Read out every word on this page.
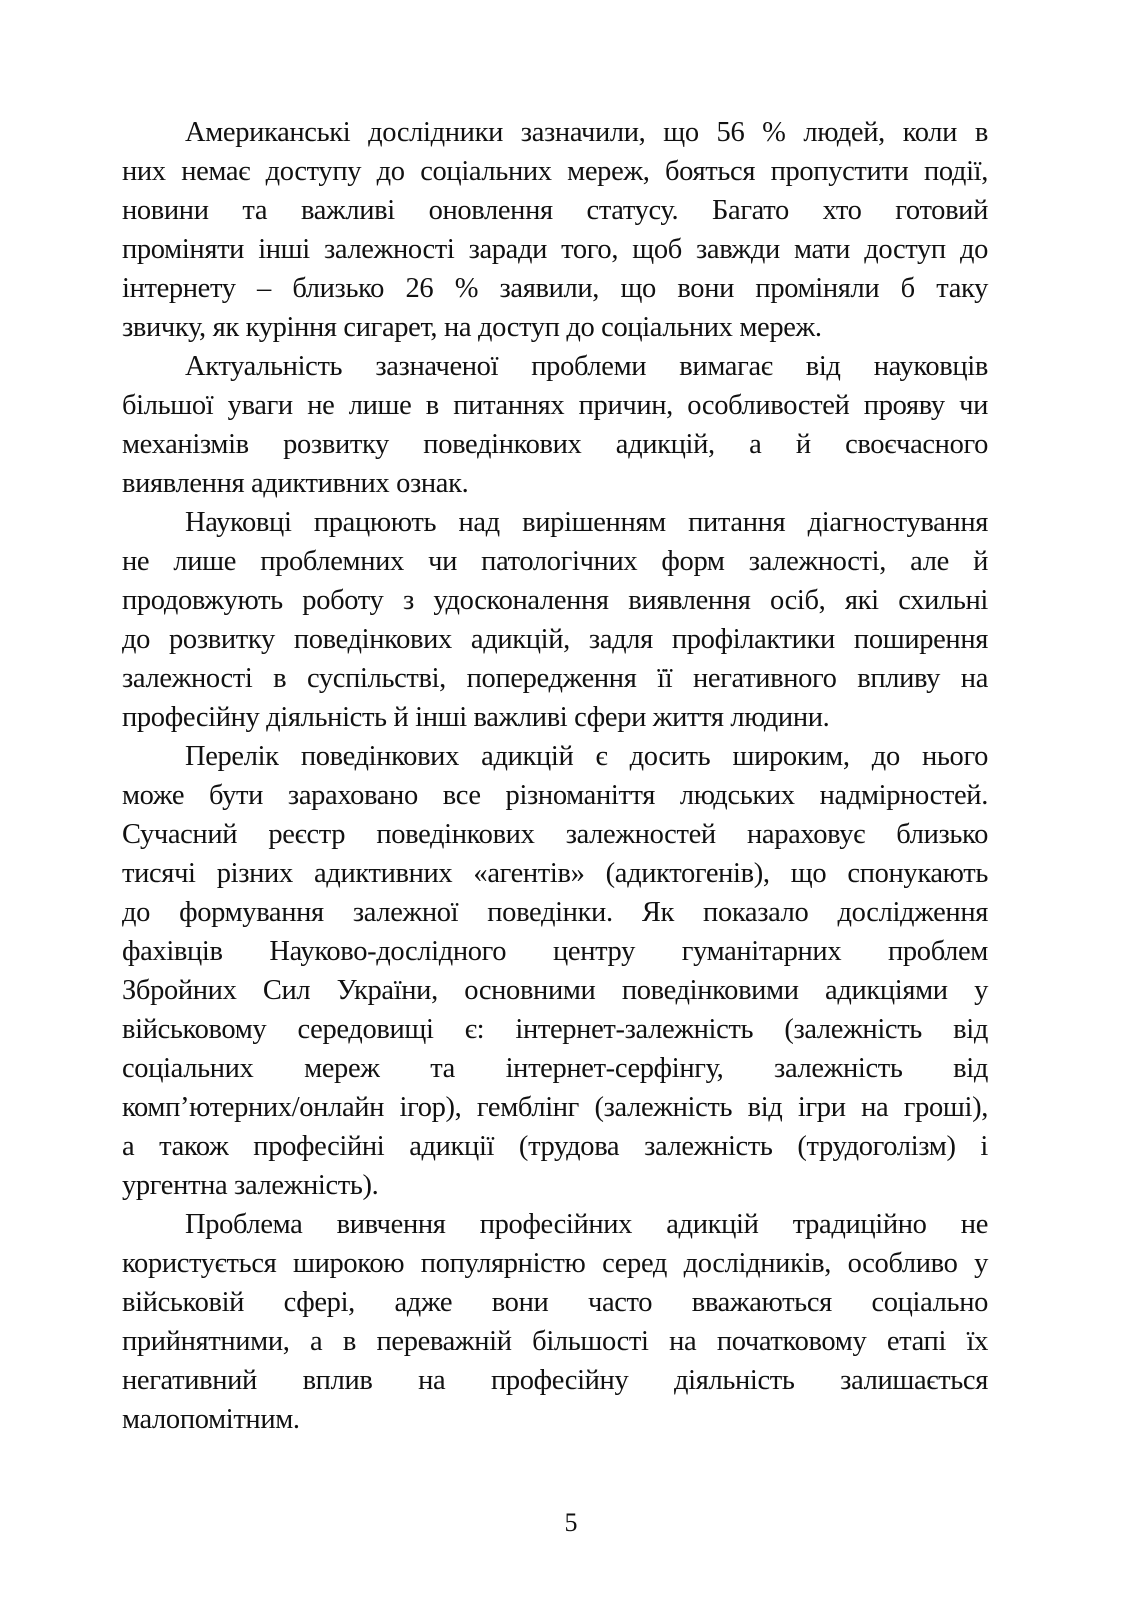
Американські дослідники зазначили, що 56 % людей, коли в
них немає доступу до соціальних мереж, бояться пропустити події,
новини та важливі оновлення статусу. Багато хто готовий
проміняти інші залежності заради того, щоб завжди мати доступ до
інтернету – близько 26 % заявили, що вони проміняли б таку
звичку, як куріння сигарет, на доступ до соціальних мереж.
Актуальність зазначеної проблеми вимагає від науковців
більшої уваги не лише в питаннях причин, особливостей прояву чи
механізмів розвитку поведінкових адикцій, а й своєчасного
виявлення адиктивних ознак.
Науковці працюють над вирішенням питання діагностування
не лише проблемних чи патологічних форм залежності, але й
продовжують роботу з удосконалення виявлення осіб, які схильні
до розвитку поведінкових адикцій, задля профілактики поширення
залежності в суспільстві, попередження її негативного впливу на
професійну діяльність й інші важливі сфери життя людини.
Перелік поведінкових адикцій є досить широким, до нього
може бути зараховано все різноманіття людських надмірностей.
Сучасний реєстр поведінкових залежностей нараховує близько
тисячі різних адиктивних «агентів» (адиктогенів), що спонукають
до формування залежної поведінки. Як показало дослідження
фахівців Науково-дослідного центру гуманітарних проблем
Збройних Сил України, основними поведінковими адикціями у
військовому середовищі є: інтернет-залежність (залежність від
соціальних мереж та інтернет-серфінгу, залежність від
комп’ютерних/онлайн ігор), гемблінг (залежність від ігри на гроші),
а також професійні адикції (трудова залежність (трудоголізм) і
ургентна залежність).
Проблема вивчення професійних адикцій традиційно не
користується широкою популярністю серед дослідників, особливо у
військовій сфері, адже вони часто вважаються соціально
прийнятними, а в переважній більшості на початковому етапі їх
негативний вплив на професійну діяльність залишається
малопомітним.
5
